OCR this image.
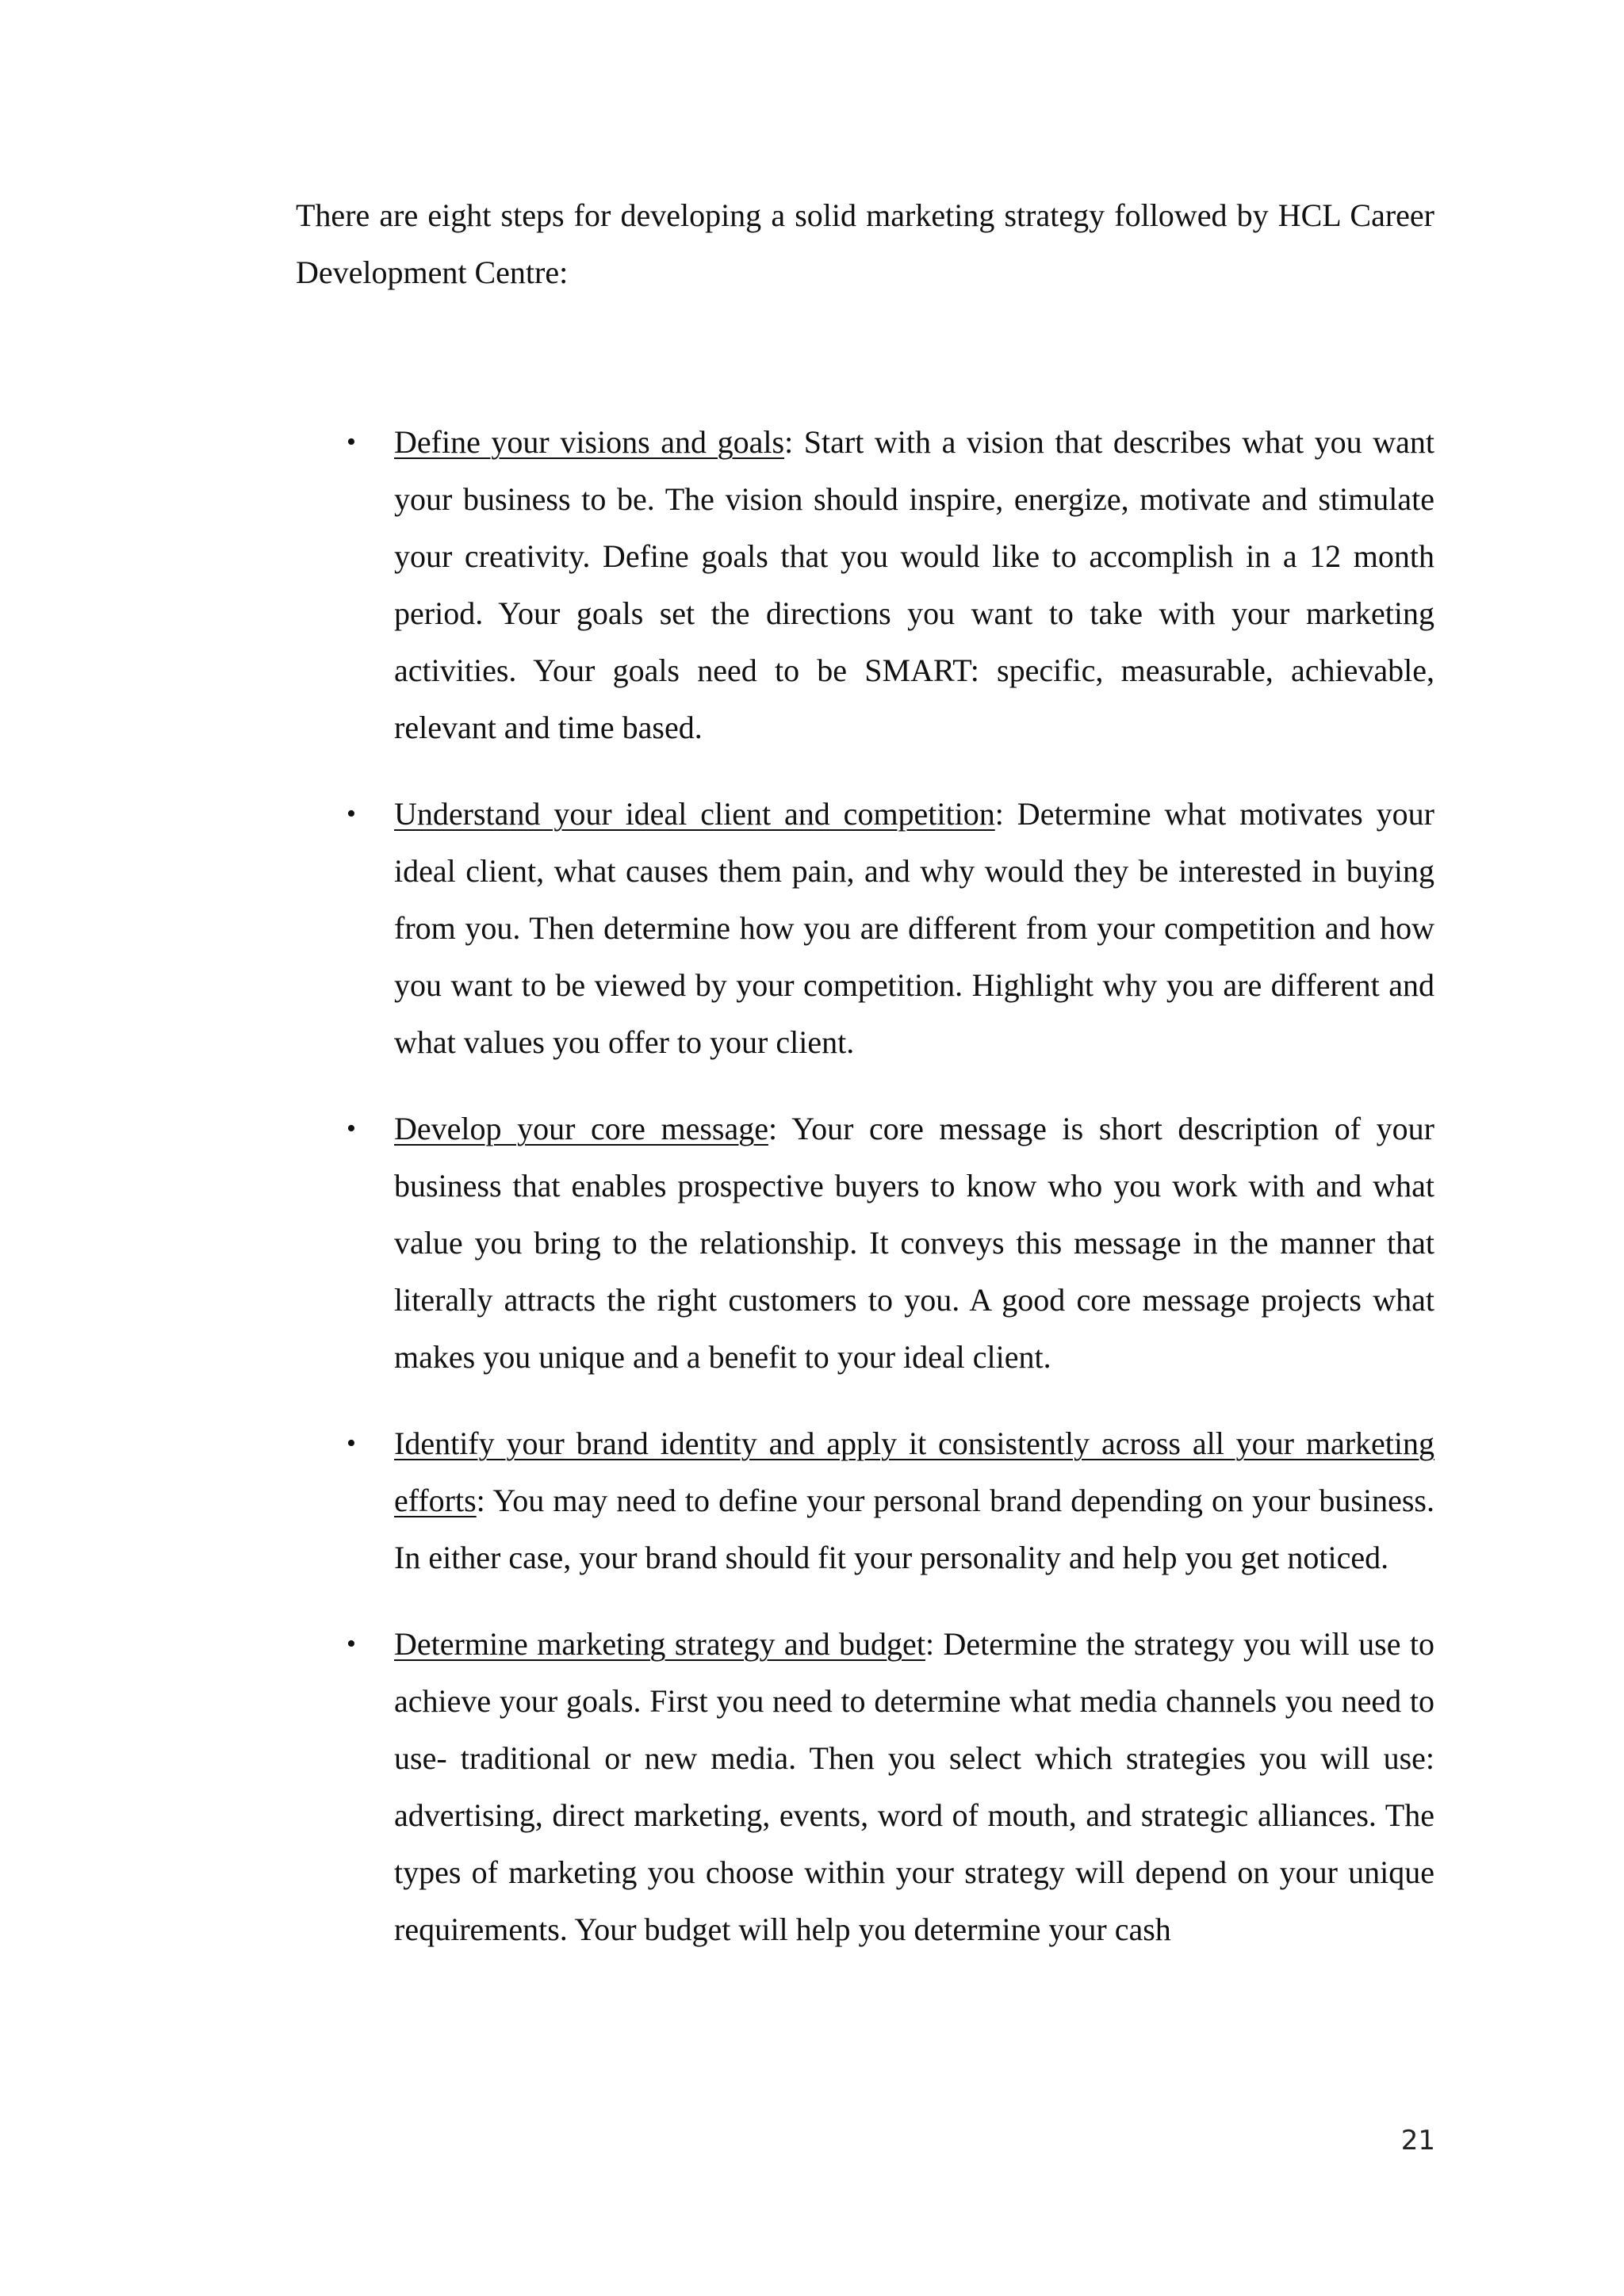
There are eight steps for developing a solid marketing strategy followed by HCL Career Development Centre:

• Define your visions and goals: Start with a vision that describes what you want your business to be. The vision should inspire, energize, motivate and stimulate your creativity. Define goals that you would like to accomplish in a 12 month period. Your goals set the directions you want to take with your marketing activities. Your goals need to be SMART: specific, measurable, achievable, relevant and time based.
• Understand your ideal client and competition: Determine what motivates your ideal client, what causes them pain, and why would they be interested in buying from you. Then determine how you are different from your competition and how you want to be viewed by your competition. Highlight why you are different and what values you offer to your client.
• Develop your core message: Your core message is short description of your business that enables prospective buyers to know who you work with and what value you bring to the relationship. It conveys this message in the manner that literally attracts the right customers to you. A good core message projects what makes you unique and a benefit to your ideal client.
• Identify your brand identity and apply it consistently across all your marketing efforts: You may need to define your personal brand depending on your business. In either case, your brand should fit your personality and help you get noticed.
• Determine marketing strategy and budget: Determine the strategy you will use to achieve your goals. First you need to determine what media channels you need to use- traditional or new media. Then you select which strategies you will use: advertising, direct marketing, events, word of mouth, and strategic alliances. The types of marketing you choose within your strategy will depend on your unique requirements. Your budget will help you determine your cash
21
